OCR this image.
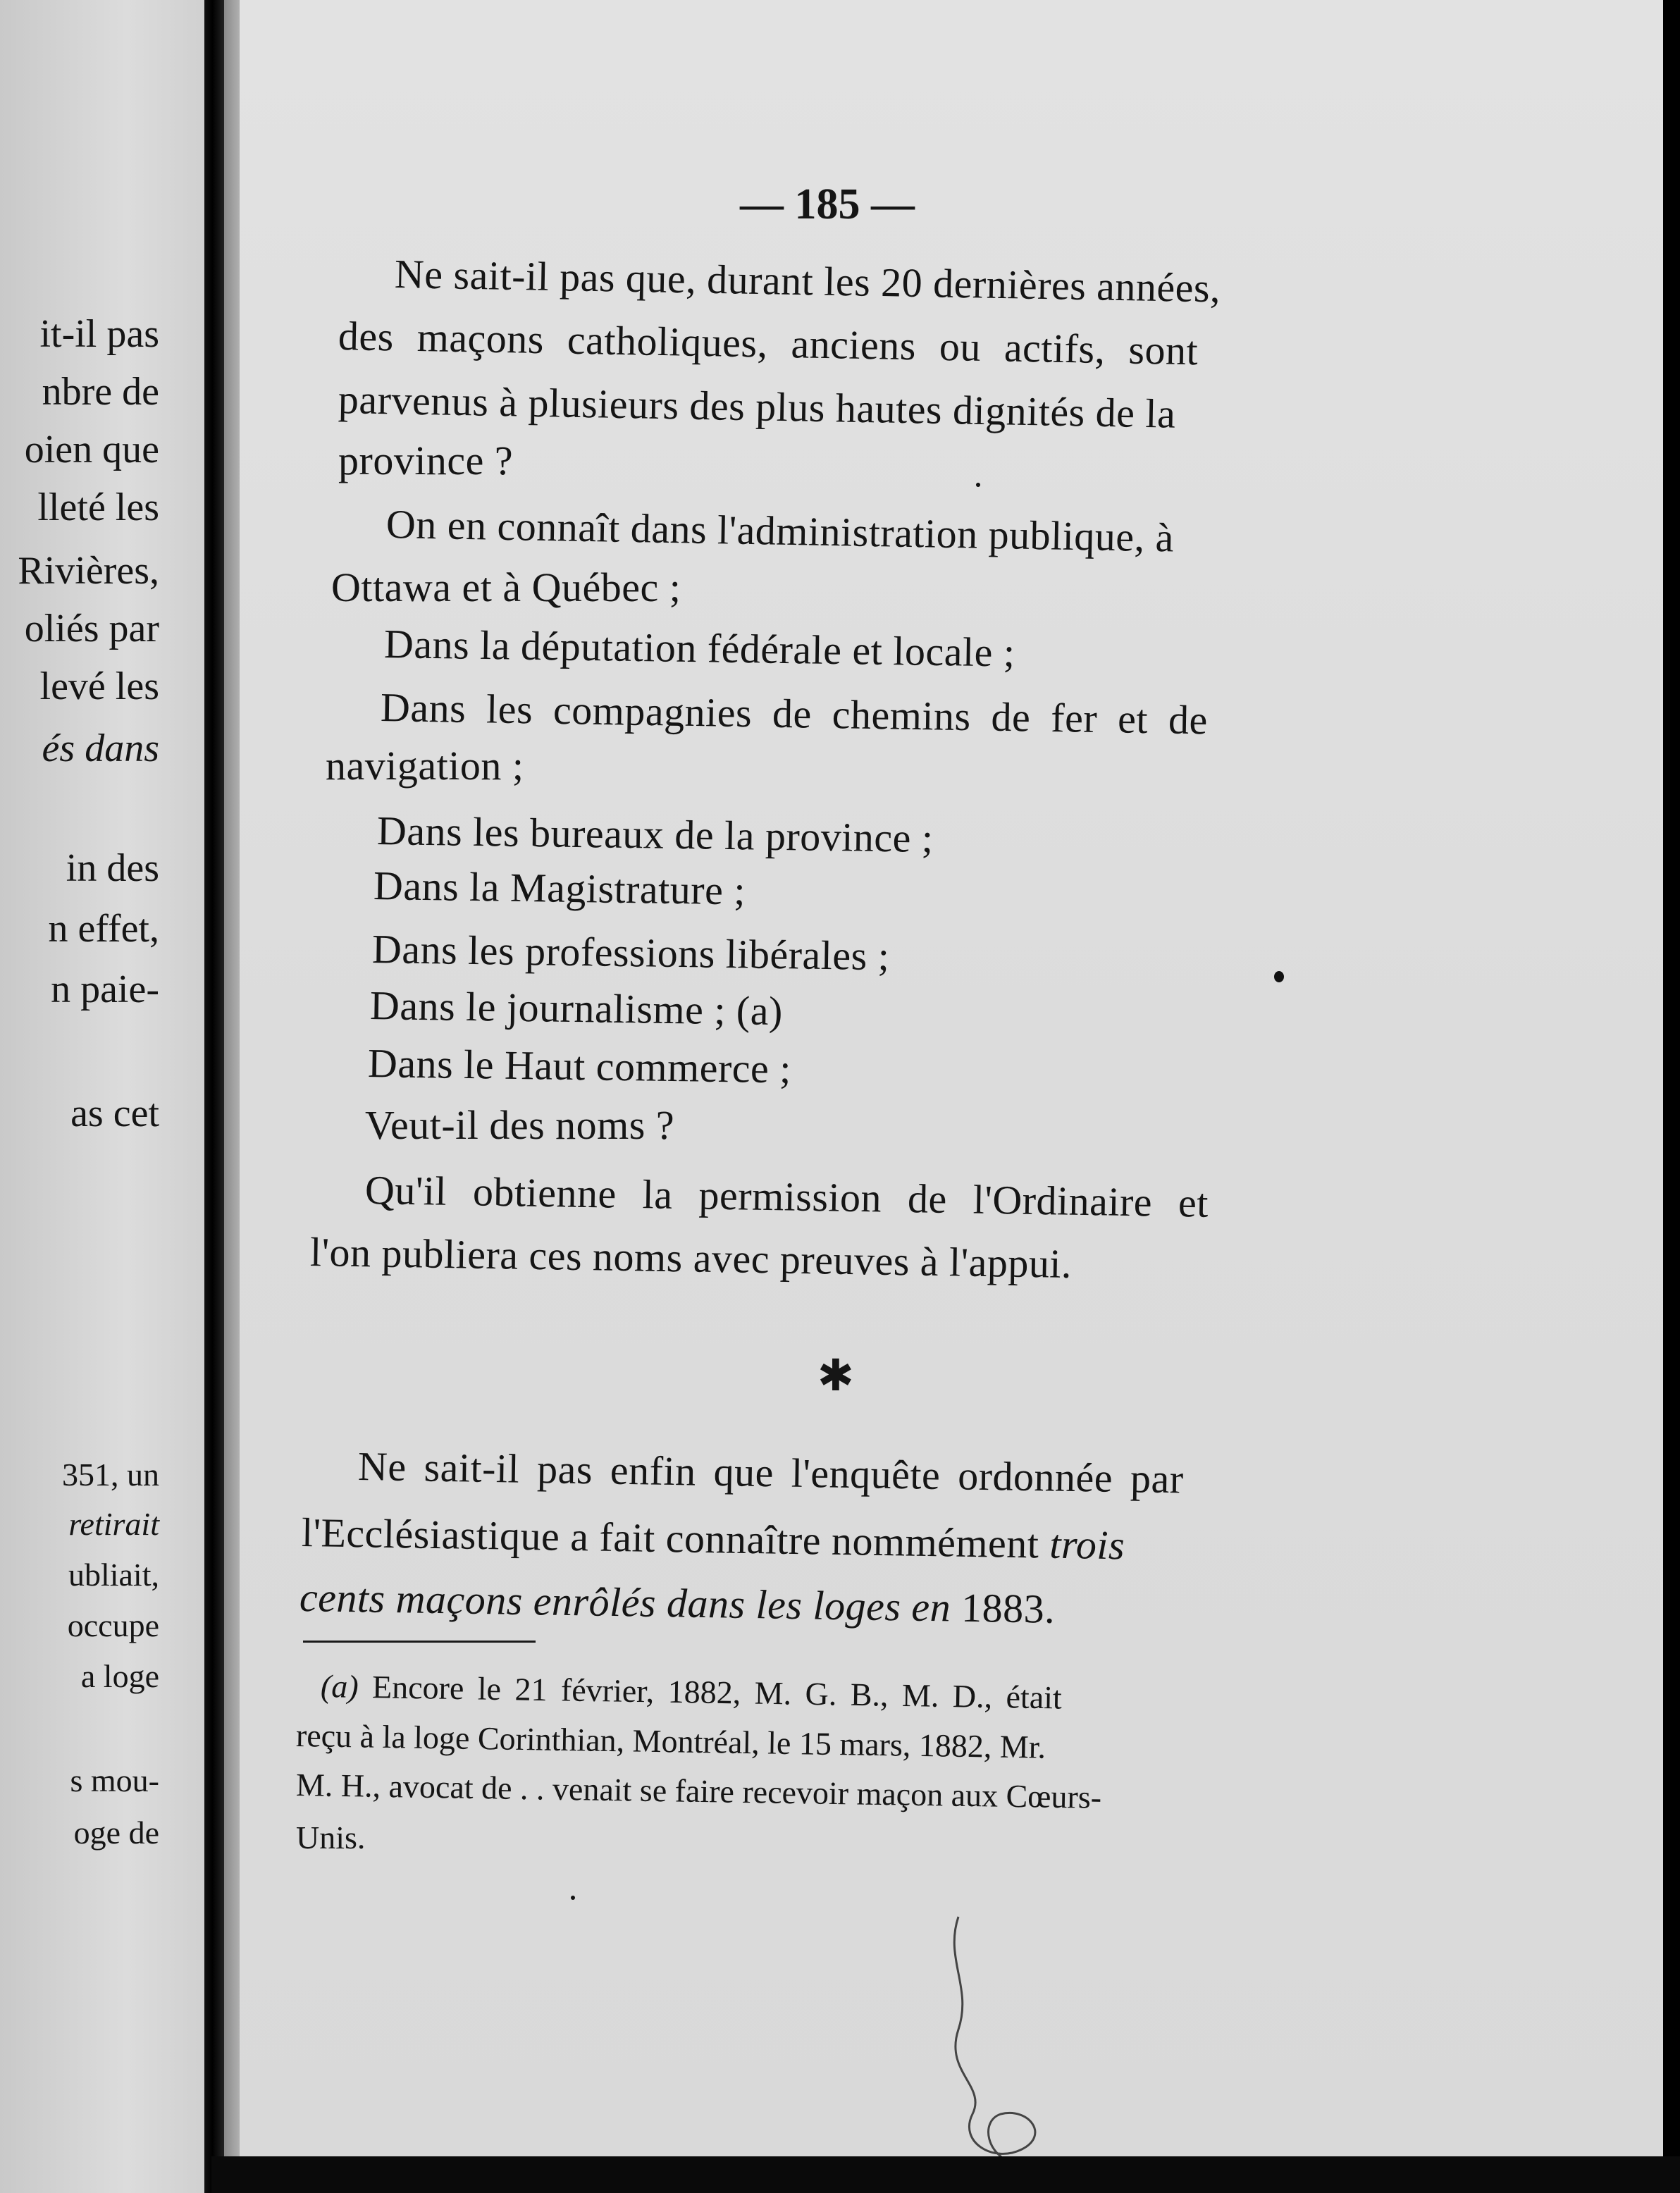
it-il pas
nbre de
oien que
lleté les
Rivières,
oliés par
levé les
és dans
in des
n effet,
n paie-
as cet
351, un
retirait
ubliait,
occupe
a loge
s mou-
oge de
— 185 —
Ne sait-il pas que, durant les 20 dernières années,
des maçons catholiques, anciens ou actifs, sont
parvenus à plusieurs des plus hautes dignités de la
province ?
On en connaît dans l'administration publique, à
Ottawa et à Québec ;
Dans la députation fédérale et locale ;
Dans les compagnies de chemins de fer et de
navigation ;
Dans les bureaux de la province ;
Dans la Magistrature ;
Dans les professions libérales ;
Dans le journalisme ; (a)
Dans le Haut commerce ;
Veut-il des noms ?
Qu'il obtienne la permission de l'Ordinaire et
l'on publiera ces noms avec preuves à l'appui.
✱
Ne sait-il pas enfin que l'enquête ordonnée par
l'Ecclésiastique a fait connaître nommément trois
cents maçons enrôlés dans les loges en 1883.
(a) Encore le 21 février, 1882, M. G. B., M. D., était
reçu à la loge Corinthian, Montréal, le 15 mars, 1882, Mr.
M. H., avocat de . . venait se faire recevoir maçon aux Cœurs-
Unis.
